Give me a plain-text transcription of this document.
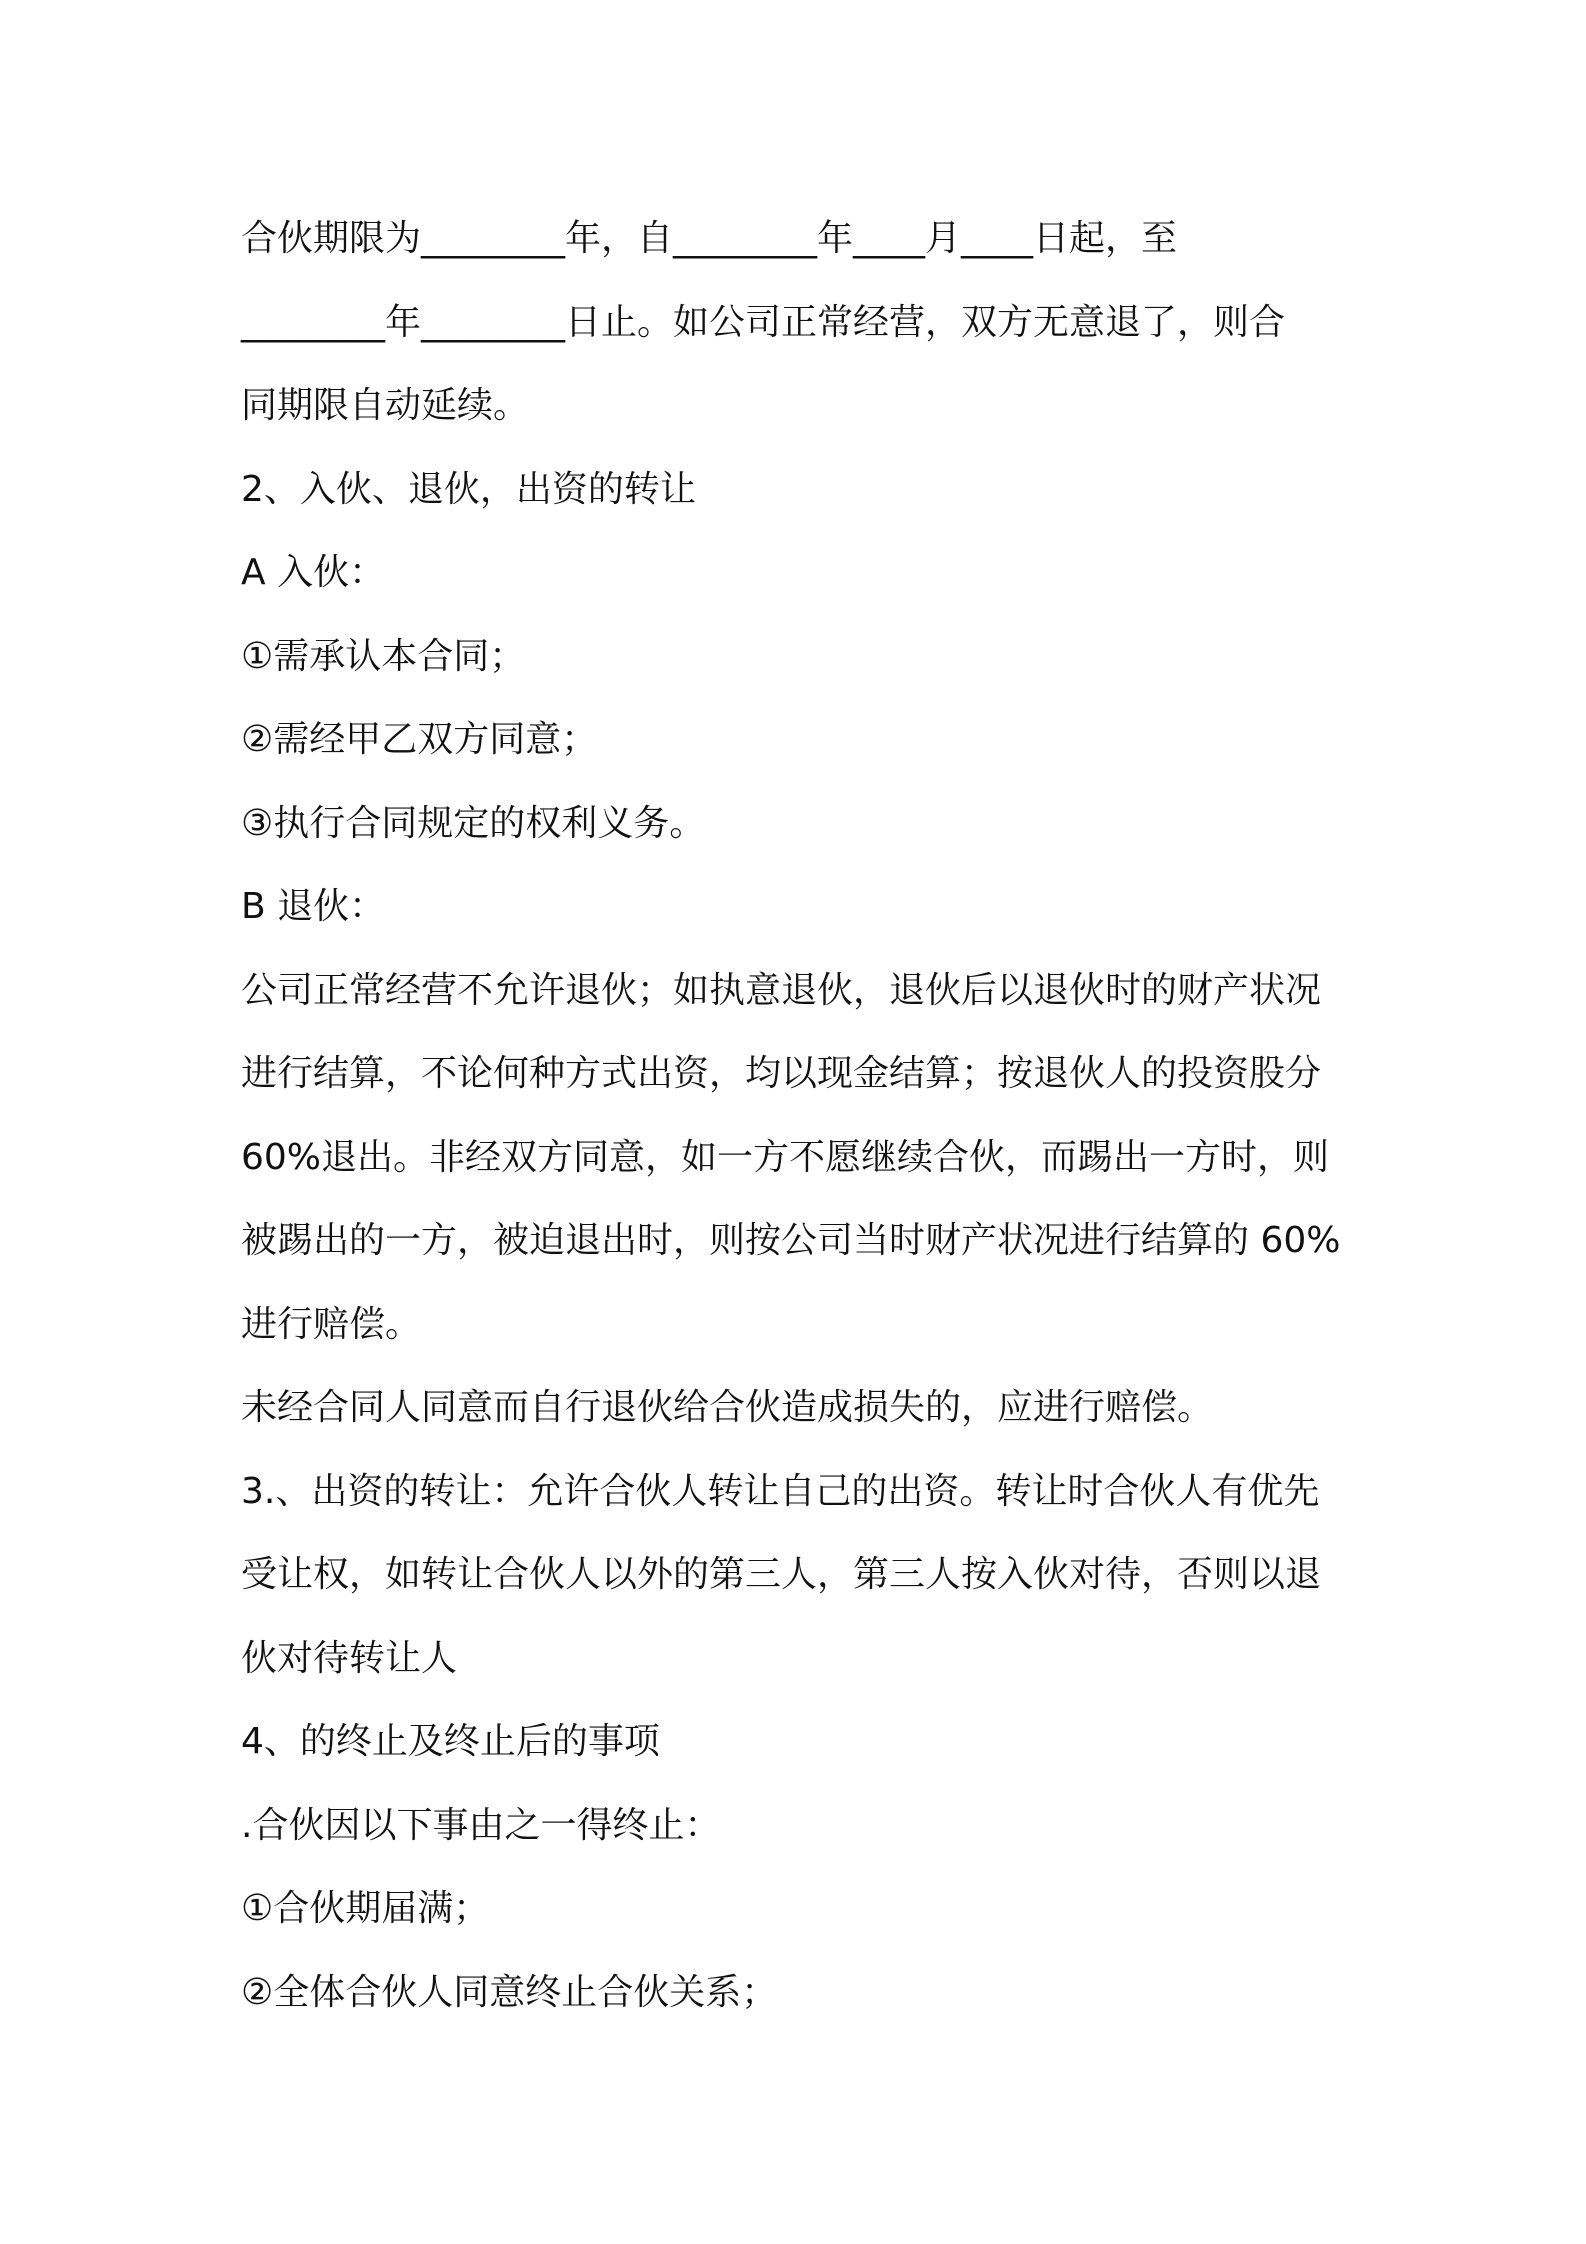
合伙期限为________年，自________年____月____日起，至
________年________日止。如公司正常经营，双方无意退了，则合
同期限自动延续。
2、入伙、退伙，出资的转让
A 入伙：
①需承认本合同；
②需经甲乙双方同意；
③执行合同规定的权利义务。
B 退伙：
公司正常经营不允许退伙；如执意退伙，退伙后以退伙时的财产状况
进行结算，不论何种方式出资，均以现金结算；按退伙人的投资股分
60%退出。非经双方同意，如一方不愿继续合伙，而踢出一方时，则
被踢出的一方，被迫退出时，则按公司当时财产状况进行结算的 60%
进行赔偿。
未经合同人同意而自行退伙给合伙造成损失的，应进行赔偿。
3.、出资的转让：允许合伙人转让自己的出资。转让时合伙人有优先
受让权，如转让合伙人以外的第三人，第三人按入伙对待，否则以退
伙对待转让人
4、的终止及终止后的事项
.合伙因以下事由之一得终止：
①合伙期届满；
②全体合伙人同意终止合伙关系；
